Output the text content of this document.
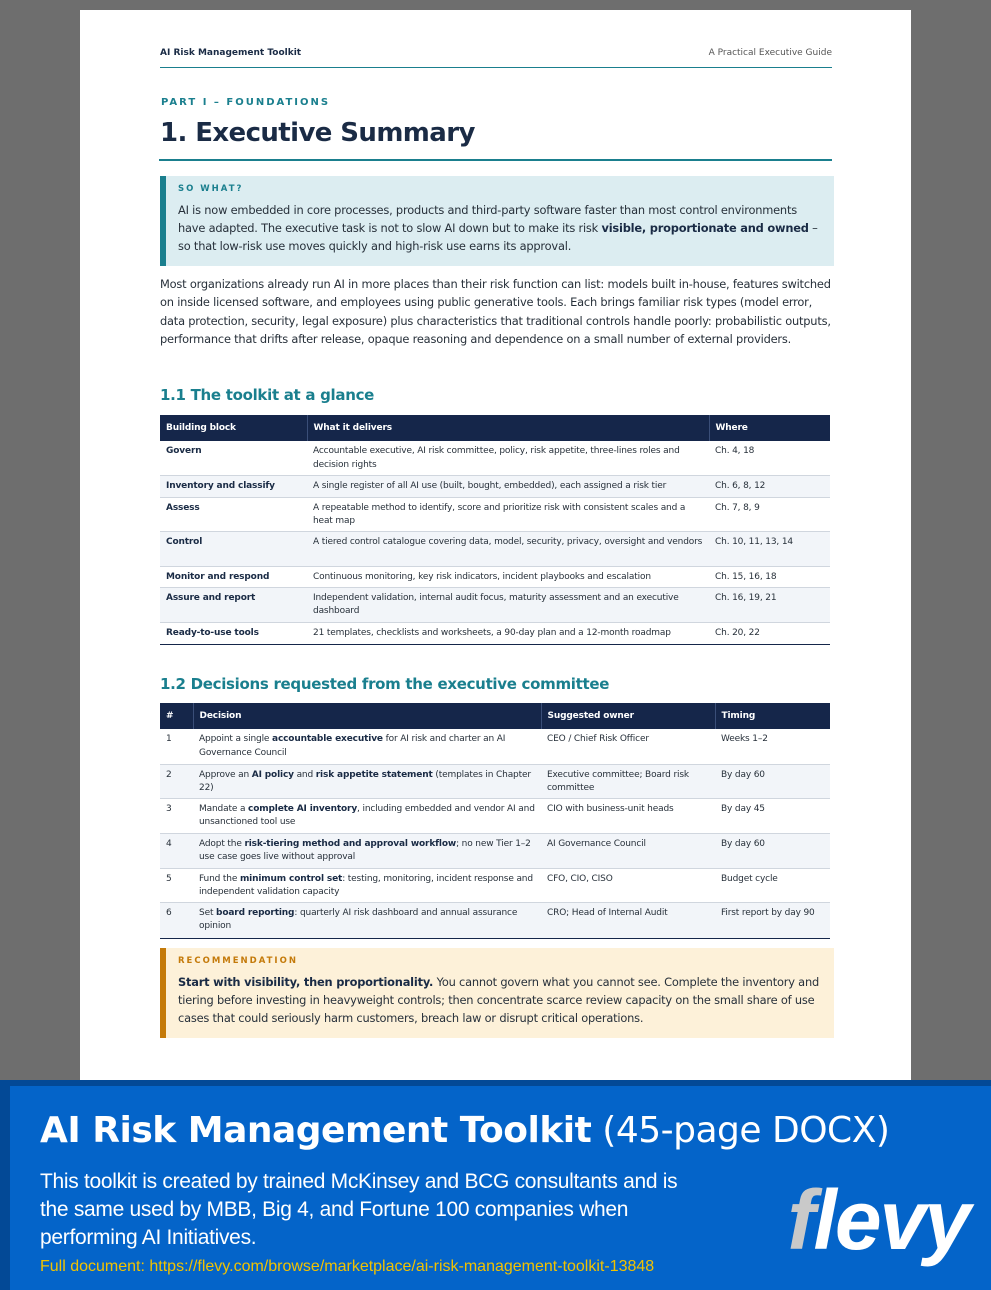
AI Risk Management Toolkit	A Practical Executive Guide
PART I – FOUNDATIONS
1. Executive Summary
SO WHAT?
AI is now embedded in core processes, products and third-party software faster than most control environments have adapted. The executive task is not to slow AI down but to make its risk visible, proportionate and owned – so that low-risk use moves quickly and high-risk use earns its approval.

Most organizations already run AI in more places than their risk function can list: models built in-house, features switched on inside licensed software, and employees using public generative tools. Each brings familiar risk types (model error, data protection, security, legal exposure) plus characteristics that traditional controls handle poorly: probabilistic outputs, performance that drifts after release, opaque reasoning and dependence on a small number of external providers.

1.1 The toolkit at a glance
Building block	What it delivers	Where
Govern	Accountable executive, AI risk committee, policy, risk appetite, three-lines roles and decision rights	Ch. 4, 18
Inventory and classify	A single register of all AI use (built, bought, embedded), each assigned a risk tier	Ch. 6, 8, 12
Assess	A repeatable method to identify, score and prioritize risk with consistent scales and a heat map	Ch. 7, 8, 9
Control	A tiered control catalogue covering data, model, security, privacy, oversight and vendors	Ch. 10, 11, 13, 14
Monitor and respond	Continuous monitoring, key risk indicators, incident playbooks and escalation	Ch. 15, 16, 18
Assure and report	Independent validation, internal audit focus, maturity assessment and an executive dashboard	Ch. 16, 19, 21
Ready-to-use tools	21 templates, checklists and worksheets, a 90-day plan and a 12-month roadmap	Ch. 20, 22
1.2 Decisions requested from the executive committee
#	Decision	Suggested owner	Timing
1	Appoint a single accountable executive for AI risk and charter an AI Governance Council	CEO / Chief Risk Officer	Weeks 1–2
2	Approve an AI policy and risk appetite statement (templates in Chapter 22)	Executive committee; Board risk committee	By day 60
3	Mandate a complete AI inventory, including embedded and vendor AI and unsanctioned tool use	CIO with business-unit heads	By day 45
4	Adopt the risk-tiering method and approval workflow; no new Tier 1–2 use case goes live without approval	AI Governance Council	By day 60
5	Fund the minimum control set: testing, monitoring, incident response and independent validation capacity	CFO, CIO, CISO	Budget cycle
6	Set board reporting: quarterly AI risk dashboard and annual assurance opinion	CRO; Head of Internal Audit	First report by day 90
RECOMMENDATION
Start with visibility, then proportionality. You cannot govern what you cannot see. Complete the inventory and tiering before investing in heavyweight controls; then concentrate scarce review capacity on the small share of use cases that could seriously harm customers, breach law or disrupt critical operations.
AI Risk Management Toolkit (45-page DOCX)
This toolkit is created by trained McKinsey and BCG consultants and is the same used by MBB, Big 4, and Fortune 100 companies when performing AI Initiatives.
Full document: https://flevy.com/browse/marketplace/ai-risk-management-toolkit-13848 flevy
